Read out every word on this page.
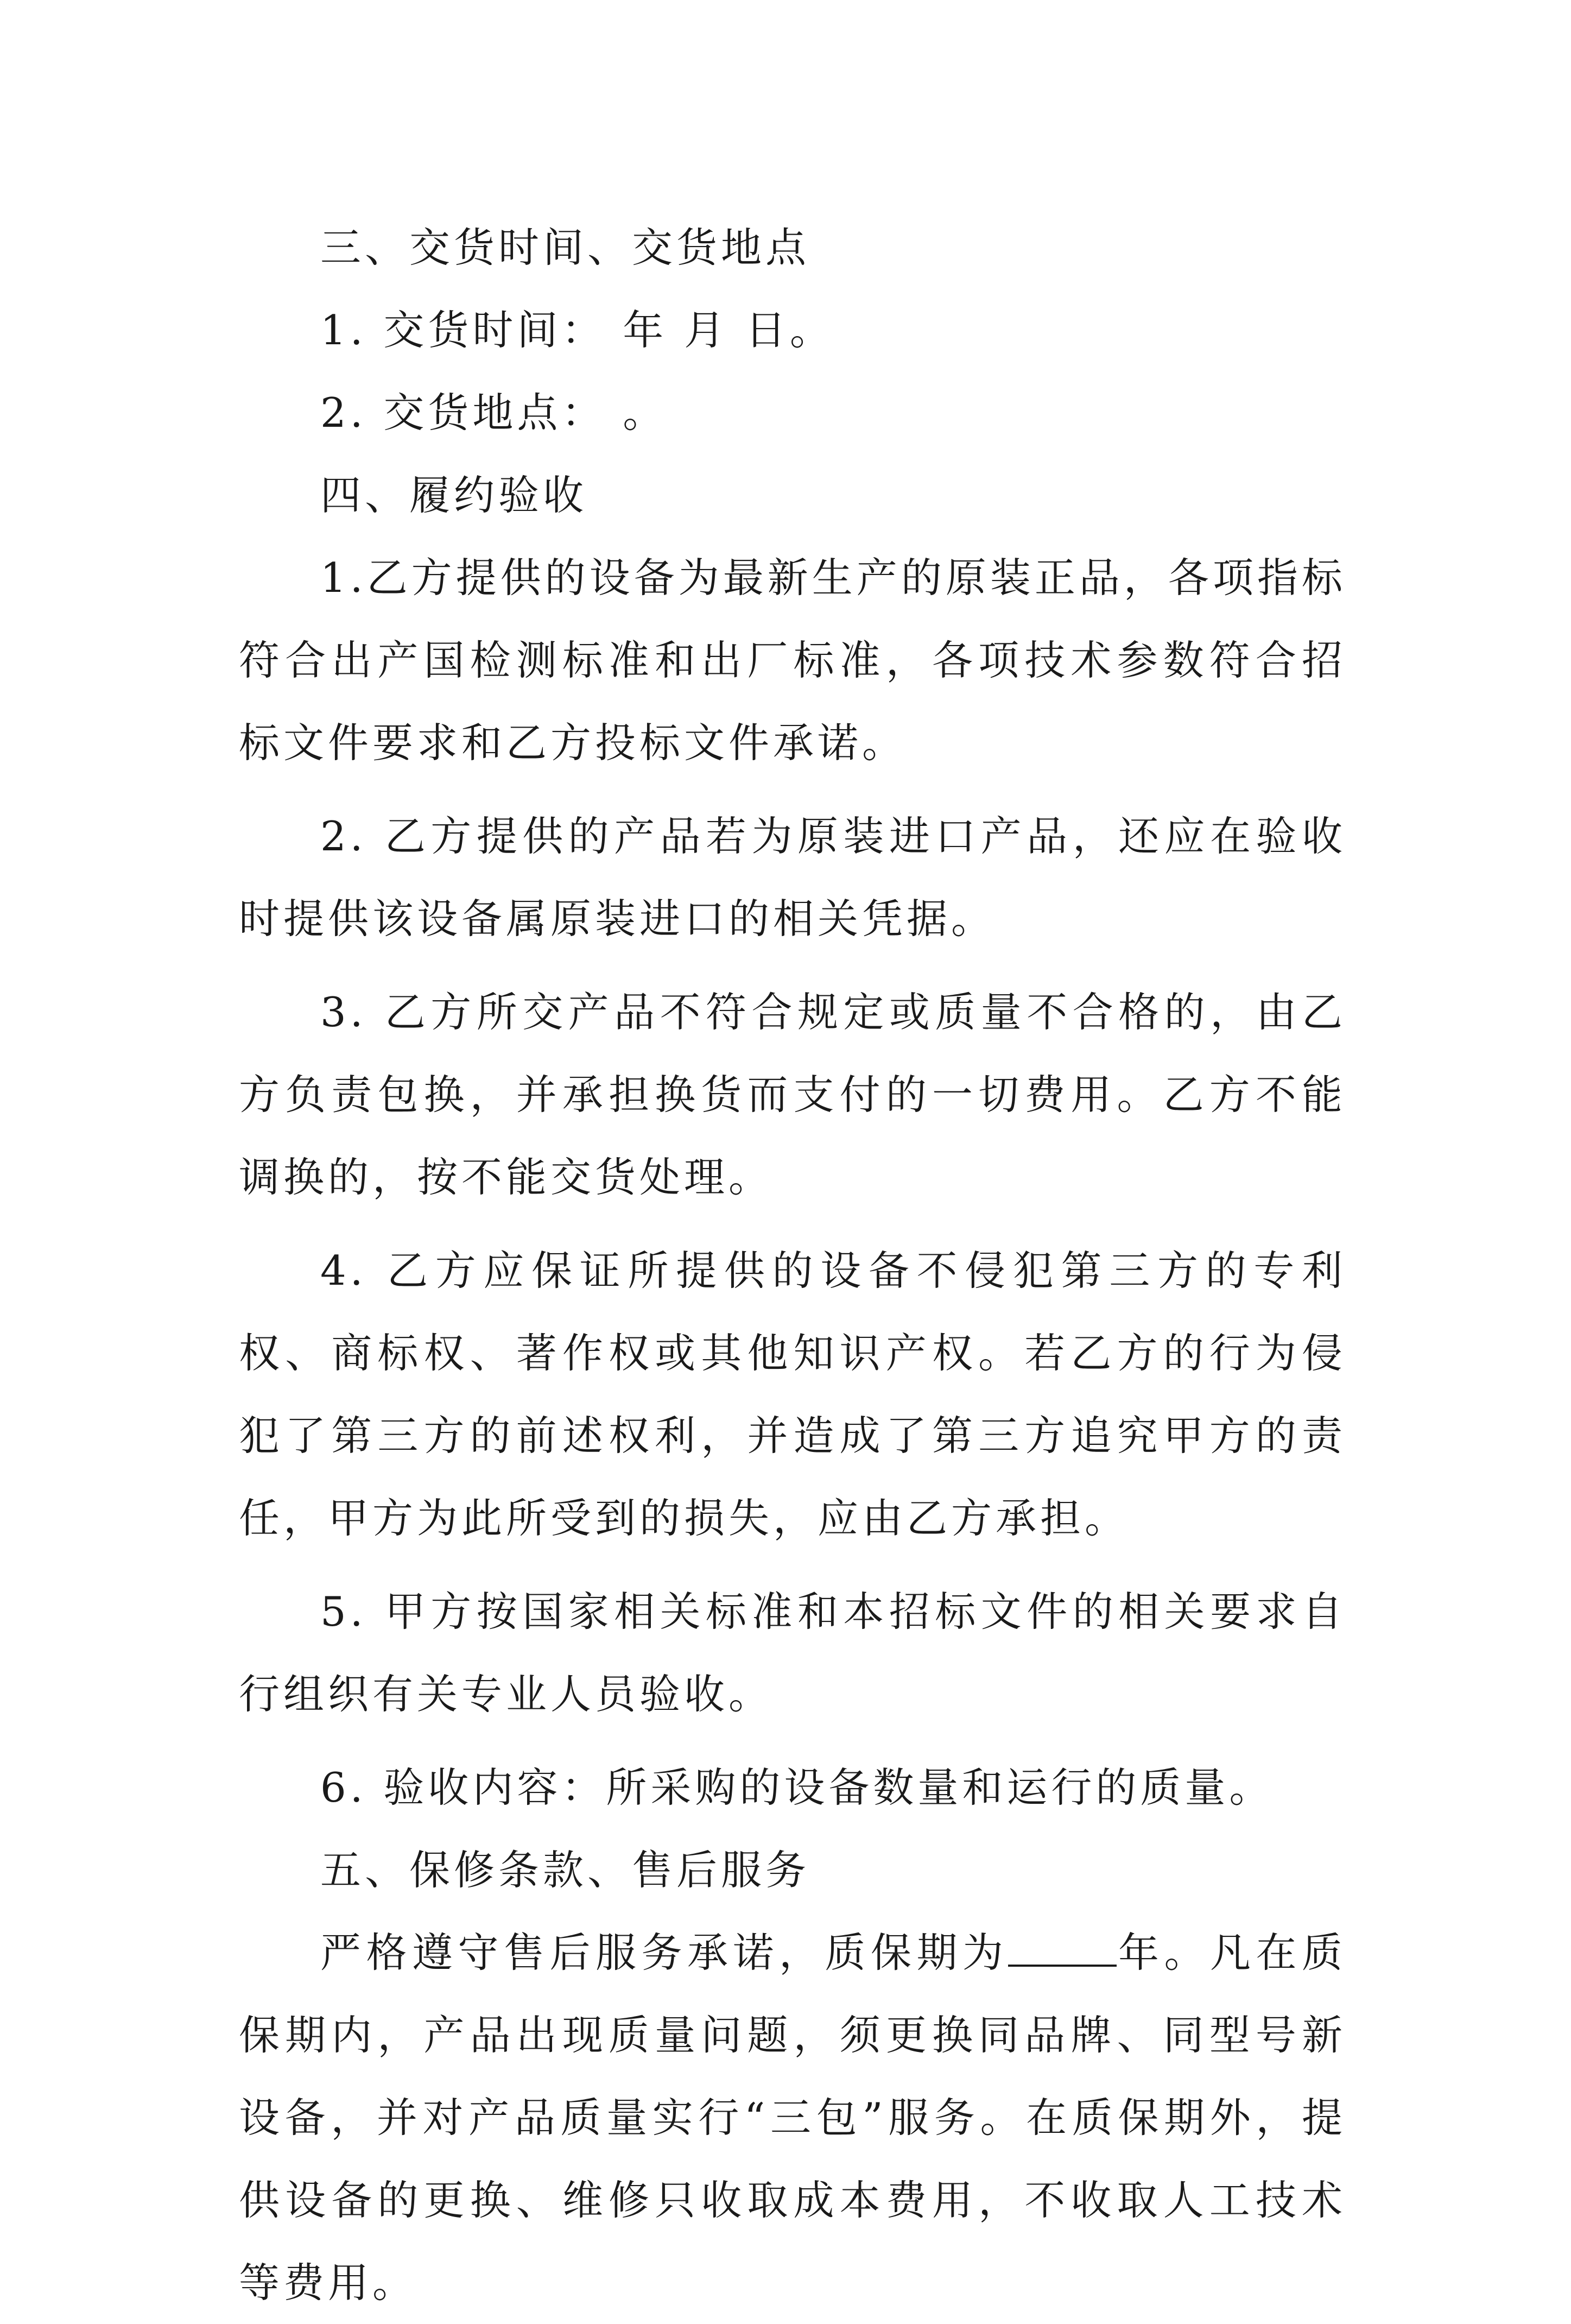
三、交货时间、交货地点

1. 交货时间： 年 月 日。

2. 交货地点： 。

四、履约验收

1.乙方提供的设备为最新生产的原装正品，各项指标符合出产国检测标准和出厂标准，各项技术参数符合招标文件要求和乙方投标文件承诺。

2. 乙方提供的产品若为原装进口产品，还应在验收时提供该设备属原装进口的相关凭据。

3. 乙方所交产品不符合规定或质量不合格的，由乙方负责包换，并承担换货而支付的一切费用。乙方不能调换的，按不能交货处理。

4. 乙方应保证所提供的设备不侵犯第三方的专利权、商标权、著作权或其他知识产权。若乙方的行为侵犯了第三方的前述权利，并造成了第三方追究甲方的责任，甲方为此所受到的损失，应由乙方承担。

5. 甲方按国家相关标准和本招标文件的相关要求自行组织有关专业人员验收。

6. 验收内容：所采购的设备数量和运行的质量。

五、保修条款、售后服务

严格遵守售后服务承诺，质保期为	年。凡在质保期内，产品出现质量问题，须更换同品牌、同型号新设备，并对产品质量实行“三包”服务。在质保期外，提供设备的更换、维修只收取成本费用，不收取人工技术等费用。
